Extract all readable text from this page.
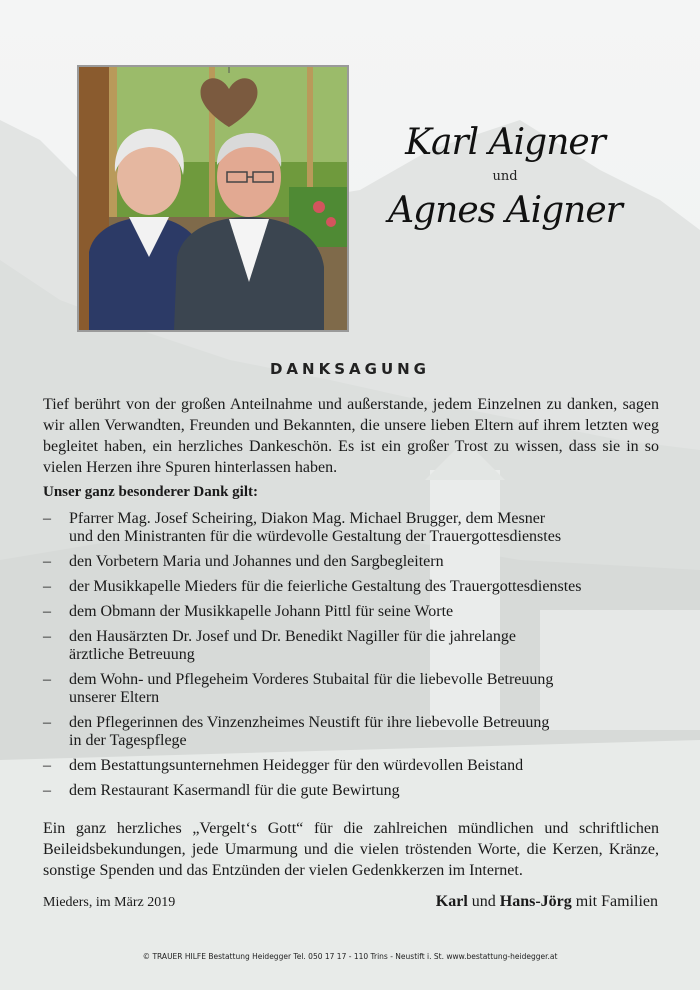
Karl Aigner
und
Agnes Aigner
DANKSAGUNG
Tief berührt von der großen Anteilnahme und außerstande, jedem Einzelnen zu danken, sagen wir allen Verwandten, Freunden und Bekannten, die unsere lieben Eltern auf ihrem letzten weg begleitet haben, ein herzliches Dankeschön. Es ist ein großer Trost zu wissen, dass sie in so vielen Herzen ihre Spuren hinterlassen haben.
Unser ganz besonderer Dank gilt:
– Pfarrer Mag. Josef Scheiring, Diakon Mag. Michael Brugger, dem Mesner
und den Ministranten für die würdevolle Gestaltung der Trauergottesdienstes
– den Vorbetern Maria und Johannes und den Sargbegleitern
– der Musikkapelle Mieders für die feierliche Gestaltung des Trauergottesdienstes
– dem Obmann der Musikkapelle Johann Pittl für seine Worte
– den Hausärzten Dr. Josef und Dr. Benedikt Nagiller für die jahrelange
ärztliche Betreuung
– dem Wohn- und Pflegeheim Vorderes Stubaital für die liebevolle Betreuung
unserer Eltern
– den Pflegerinnen des Vinzenzheimes Neustift für ihre liebevolle Betreuung
in der Tagespflege
– dem Bestattungsunternehmen Heidegger für den würdevollen Beistand
– dem Restaurant Kasermandl für die gute Bewirtung
Ein ganz herzliches „Vergelt‘s Gott“ für die zahlreichen mündlichen und schriftlichen Beileidsbekundungen, jede Umarmung und die vielen tröstenden Worte, die Kerzen, Kränze, sonstige Spenden und das Entzünden der vielen Gedenkkerzen im Internet.
Mieders, im März 2019	Karl und Hans-Jörg mit Familien
© TRAUER HILFE Bestattung Heidegger Tel. 050 17 17 - 110 Trins - Neustift i. St. www.bestattung-heidegger.at
